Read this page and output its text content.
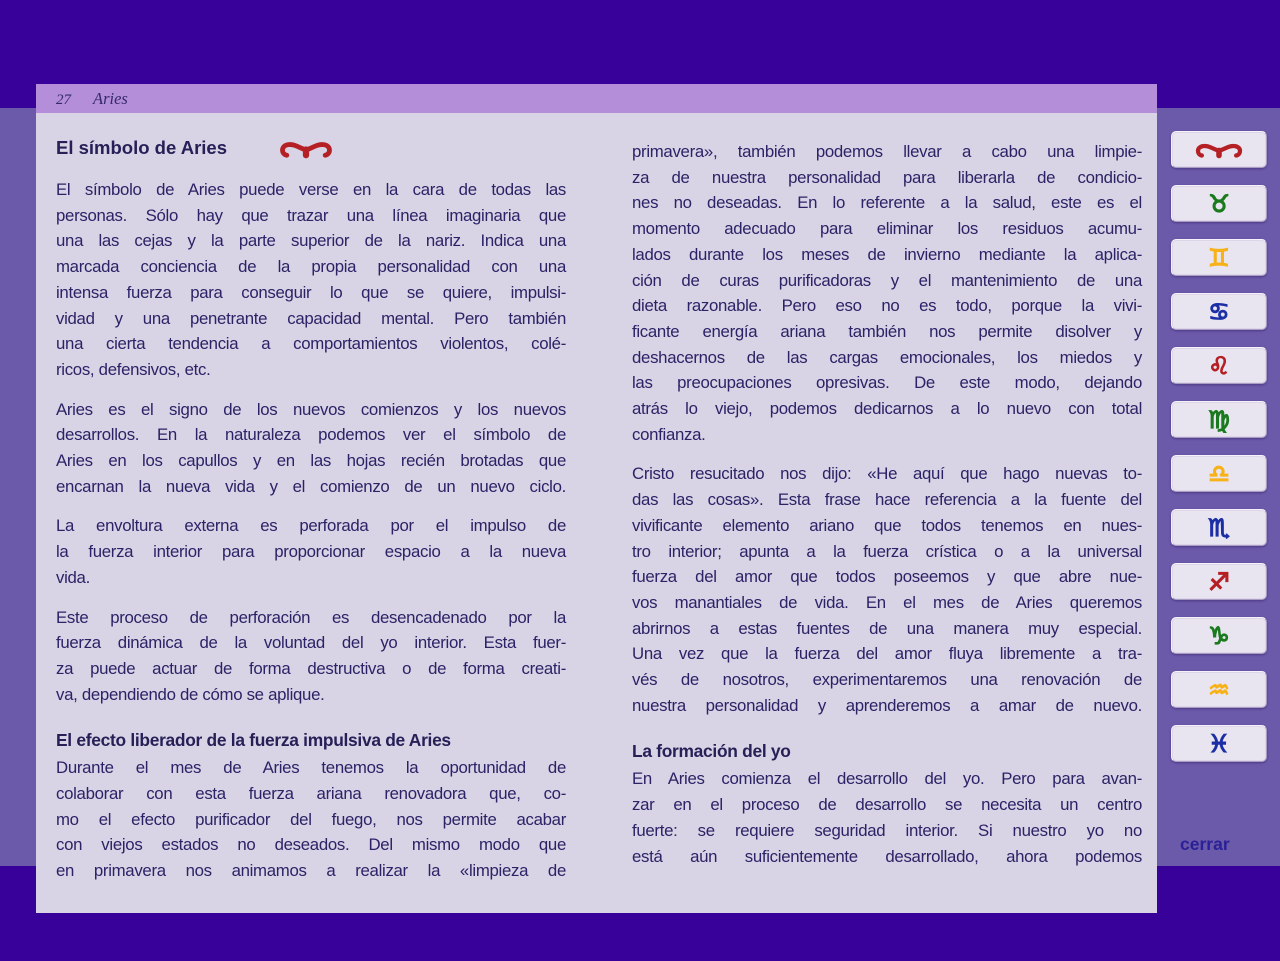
27 Aries
El símbolo de Aries
El símbolo de Aries puede verse en la cara de todas las
personas. Sólo hay que trazar una línea imaginaria que
una las cejas y la parte superior de la nariz. Indica una
marcada conciencia de la propia personalidad con una
intensa fuerza para conseguir lo que se quiere, impulsi-
vidad y una penetrante capacidad mental. Pero también
una cierta tendencia a comportamientos violentos, colé-
ricos, defensivos, etc.
Aries es el signo de los nuevos comienzos y los nuevos
desarrollos. En la naturaleza podemos ver el símbolo de
Aries en los capullos y en las hojas recién brotadas que
encarnan la nueva vida y el comienzo de un nuevo ciclo.
La envoltura externa es perforada por el impulso de
la fuerza interior para proporcionar espacio a la nueva
vida.
Este proceso de perforación es desencadenado por la
fuerza dinámica de la voluntad del yo interior. Esta fuer-
za puede actuar de forma destructiva o de forma creati-
va, dependiendo de cómo se aplique.
El efecto liberador de la fuerza impulsiva de Aries
Durante el mes de Aries tenemos la oportunidad de
colaborar con esta fuerza ariana renovadora que, co-
mo el efecto purificador del fuego, nos permite acabar
con viejos estados no deseados. Del mismo modo que
en primavera nos animamos a realizar la «limpieza de
primavera», también podemos llevar a cabo una limpie-
za de nuestra personalidad para liberarla de condicio-
nes no deseadas. En lo referente a la salud, este es el
momento adecuado para eliminar los residuos acumu-
lados durante los meses de invierno mediante la aplica-
ción de curas purificadoras y el mantenimiento de una
dieta razonable. Pero eso no es todo, porque la vivi-
ficante energía ariana también nos permite disolver y
deshacernos de las cargas emocionales, los miedos y
las preocupaciones opresivas. De este modo, dejando
atrás lo viejo, podemos dedicarnos a lo nuevo con total
confianza.
Cristo resucitado nos dijo: «He aquí que hago nuevas to-
das las cosas». Esta frase hace referencia a la fuente del
vivificante elemento ariano que todos tenemos en nues-
tro interior; apunta a la fuerza crística o a la universal
fuerza del amor que todos poseemos y que abre nue-
vos manantiales de vida. En el mes de Aries queremos
abrirnos a estas fuentes de una manera muy especial.
Una vez que la fuerza del amor fluya libremente a tra-
vés de nosotros, experimentaremos una renovación de
nuestra personalidad y aprenderemos a amar de nuevo.
La formación del yo
En Aries comienza el desarrollo del yo. Pero para avan-
zar en el proceso de desarrollo se necesita un centro
fuerte: se requiere seguridad interior. Si nuestro yo no
está aún suficientemente desarrollado, ahora podemos
♉︎
♊︎
♋︎
♌︎
♍︎
♎︎
♏︎
♐︎
♑︎
♒︎
♓︎
cerrar
